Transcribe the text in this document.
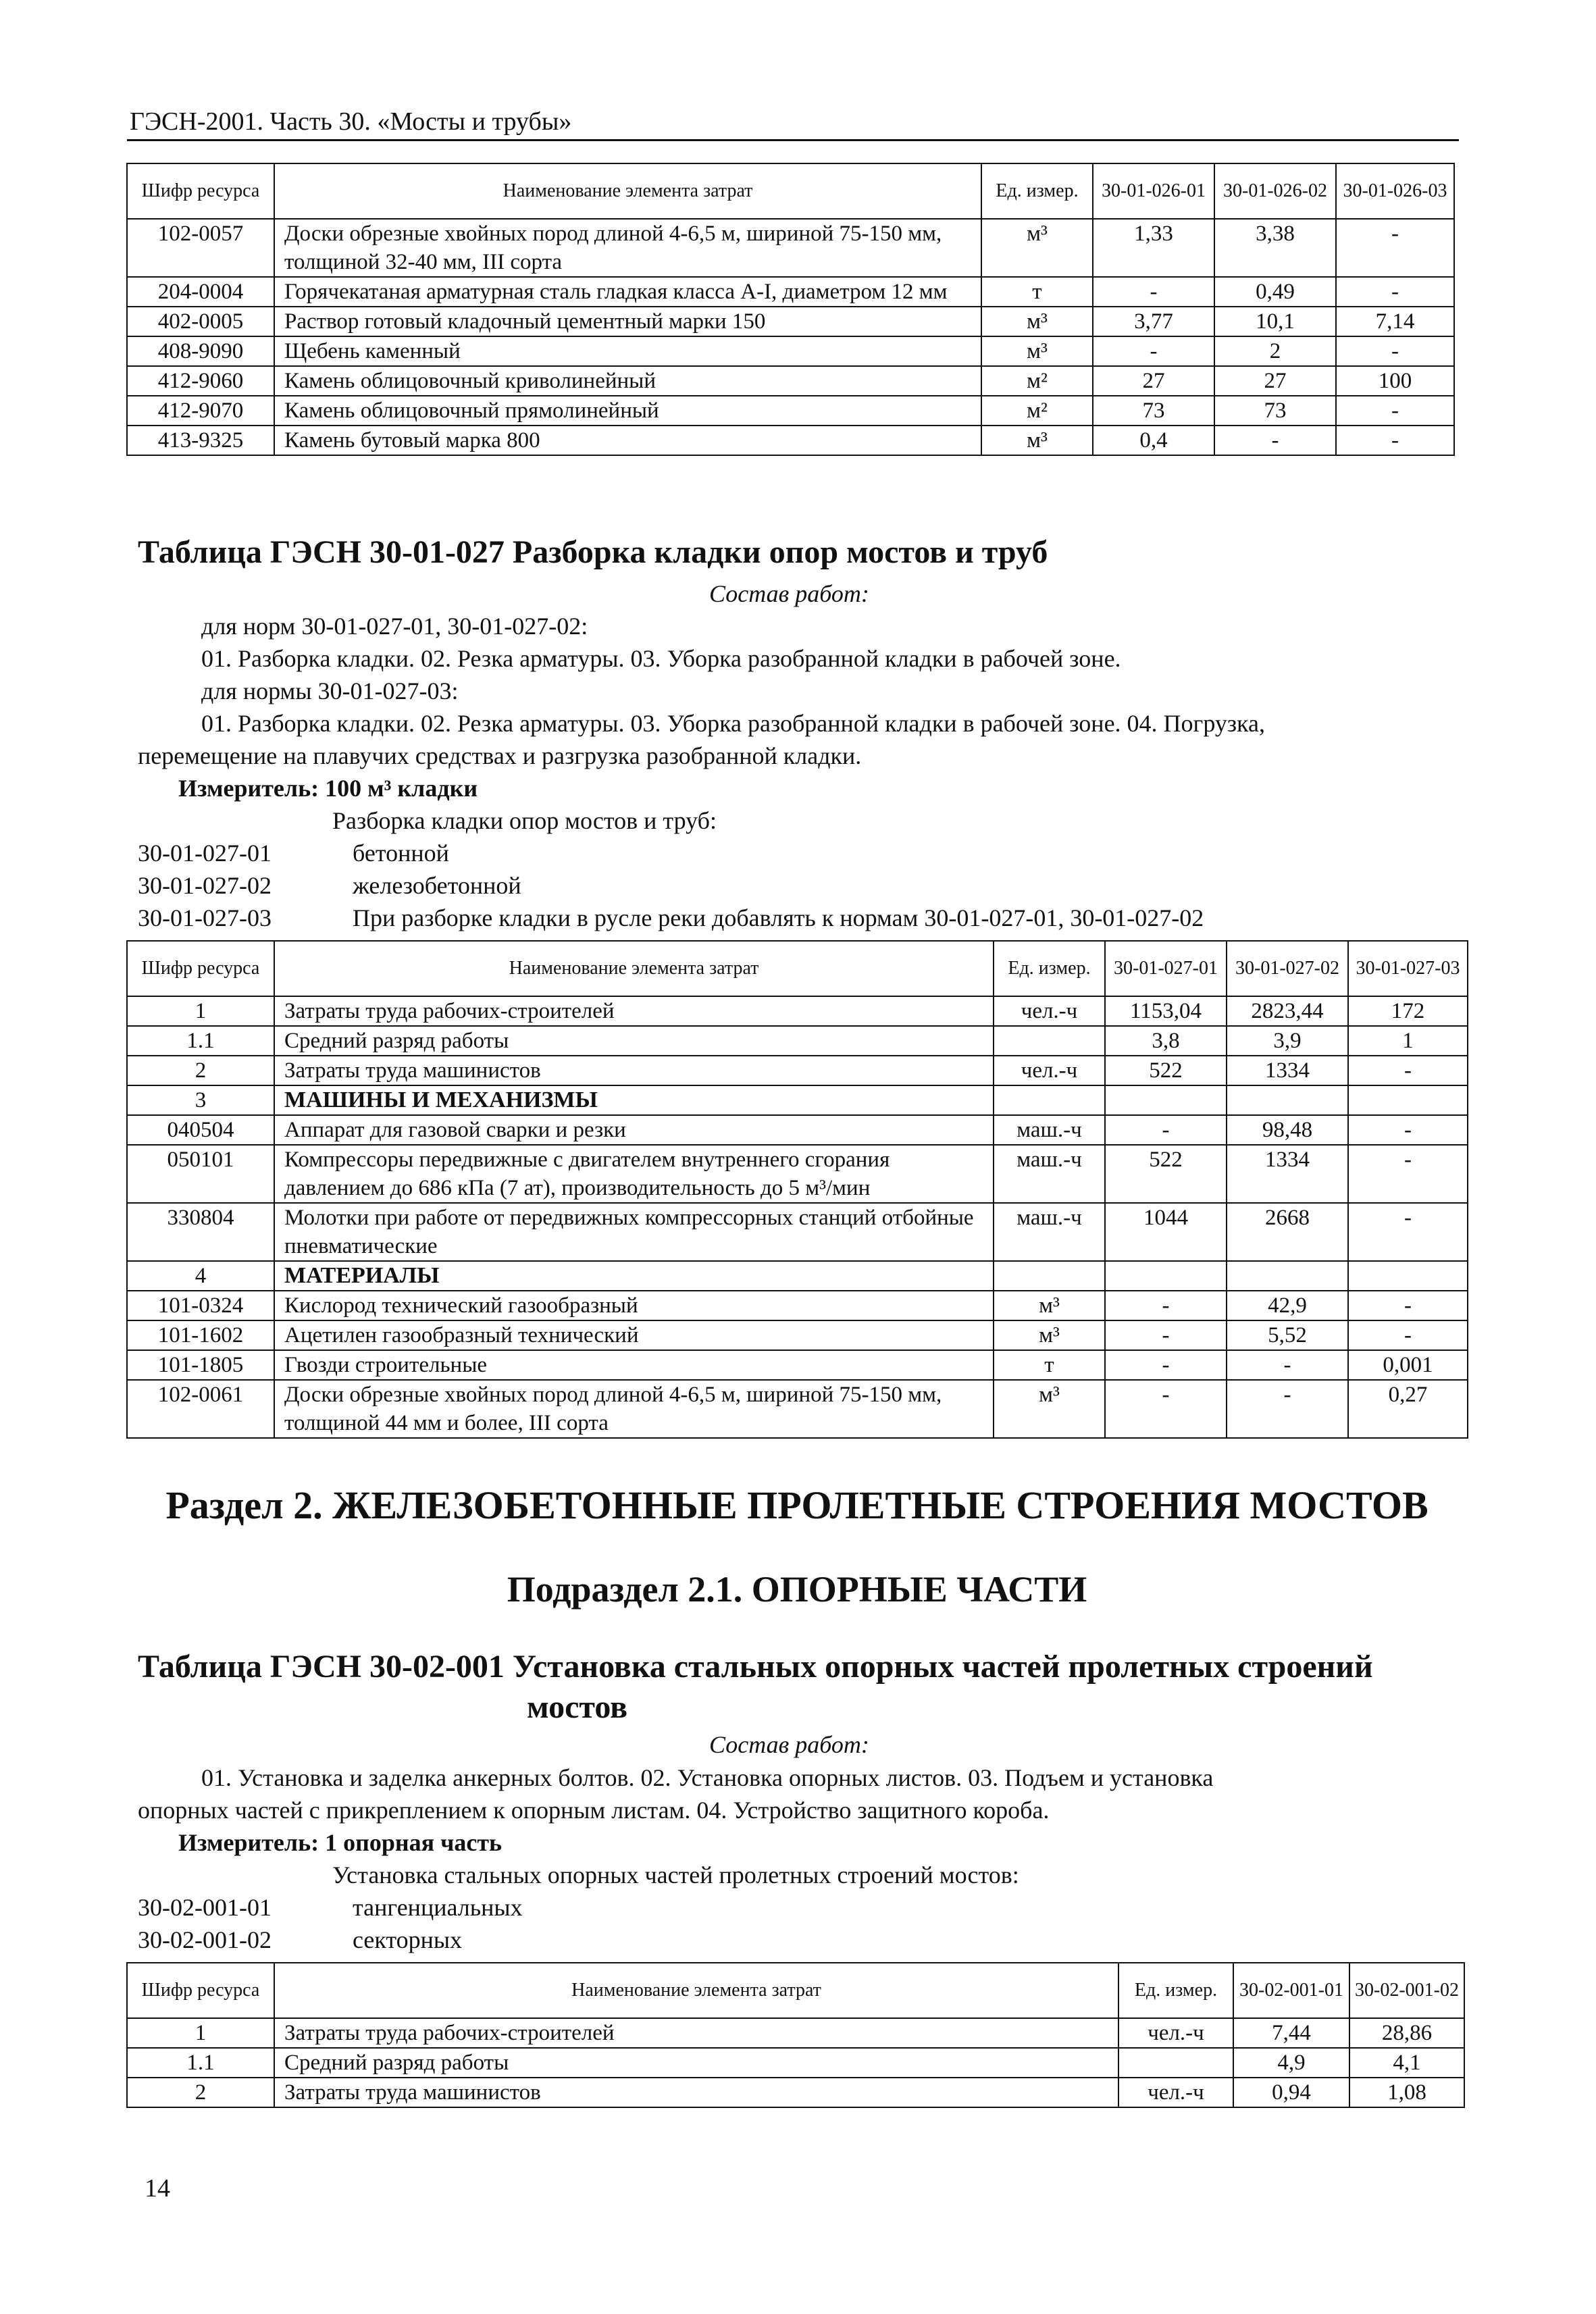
ГЭСН-2001. Часть 30. «Мосты и трубы»
Шифр ресурса	Наименование элемента затрат	Ед. измер.	30-01-026-01	30-01-026-02	30-01-026-03
102-0057	Доски обрезные хвойных пород длиной 4-6,5 м, шириной 75-150 мм, толщиной 32-40 мм, III сорта	м³	1,33	3,38	-
204-0004	Горячекатаная арматурная сталь гладкая класса А-I, диаметром 12 мм	т	-	0,49	-
402-0005	Раствор готовый кладочный цементный марки 150	м³	3,77	10,1	7,14
408-9090	Щебень каменный	м³	-	2	-
412-9060	Камень облицовочный криволинейный	м²	27	27	100
412-9070	Камень облицовочный прямолинейный	м²	73	73	-
413-9325	Камень бутовый марка 800	м³	0,4	-	-
Таблица ГЭСН 30-01-027 Разборка кладки опор мостов и труб
Состав работ:
для норм 30-01-027-01, 30-01-027-02:
01. Разборка кладки. 02. Резка арматуры. 03. Уборка разобранной кладки в рабочей зоне.
для нормы 30-01-027-03:
01. Разборка кладки. 02. Резка арматуры. 03. Уборка разобранной кладки в рабочей зоне. 04. Погрузка,
перемещение на плавучих средствах и разгрузка разобранной кладки.
Измеритель: 100 м³ кладки
Разборка кладки опор мостов и труб:
30-01-027-01	бетонной
30-01-027-02	железобетонной
30-01-027-03	При разборке кладки в русле реки добавлять к нормам 30-01-027-01, 30-01-027-02
Шифр ресурса	Наименование элемента затрат	Ед. измер.	30-01-027-01	30-01-027-02	30-01-027-03
1	Затраты труда рабочих-строителей	чел.-ч	1153,04	2823,44	172
1.1	Средний разряд работы		3,8	3,9	1
2	Затраты труда машинистов	чел.-ч	522	1334	-
3	МАШИНЫ И МЕХАНИЗМЫ				
040504	Аппарат для газовой сварки и резки	маш.-ч	-	98,48	-
050101	Компрессоры передвижные с двигателем внутреннего сгорания давлением до 686 кПа (7 ат), производительность до 5 м³/мин	маш.-ч	522	1334	-
330804	Молотки при работе от передвижных компрессорных станций отбойные пневматические	маш.-ч	1044	2668	-
4	МАТЕРИАЛЫ				
101-0324	Кислород технический газообразный	м³	-	42,9	-
101-1602	Ацетилен газообразный технический	м³	-	5,52	-
101-1805	Гвозди строительные	т	-	-	0,001
102-0061	Доски обрезные хвойных пород длиной 4-6,5 м, шириной 75-150 мм, толщиной 44 мм и более, III сорта	м³	-	-	0,27
Раздел 2. ЖЕЛЕЗОБЕТОННЫЕ ПРОЛЕТНЫЕ СТРОЕНИЯ МОСТОВ
Подраздел 2.1. ОПОРНЫЕ ЧАСТИ
Таблица ГЭСН 30-02-001 Установка стальных опорных частей пролетных строений
мостов
Состав работ:
01. Установка и заделка анкерных болтов. 02. Установка опорных листов. 03. Подъем и установка
опорных частей с прикреплением к опорным листам. 04. Устройство защитного короба.
Измеритель: 1 опорная часть
Установка стальных опорных частей пролетных строений мостов:
30-02-001-01	тангенциальных
30-02-001-02	секторных
Шифр ресурса	Наименование элемента затрат	Ед. измер.	30-02-001-01	30-02-001-02
1	Затраты труда рабочих-строителей	чел.-ч	7,44	28,86
1.1	Средний разряд работы		4,9	4,1
2	Затраты труда машинистов	чел.-ч	0,94	1,08
14
